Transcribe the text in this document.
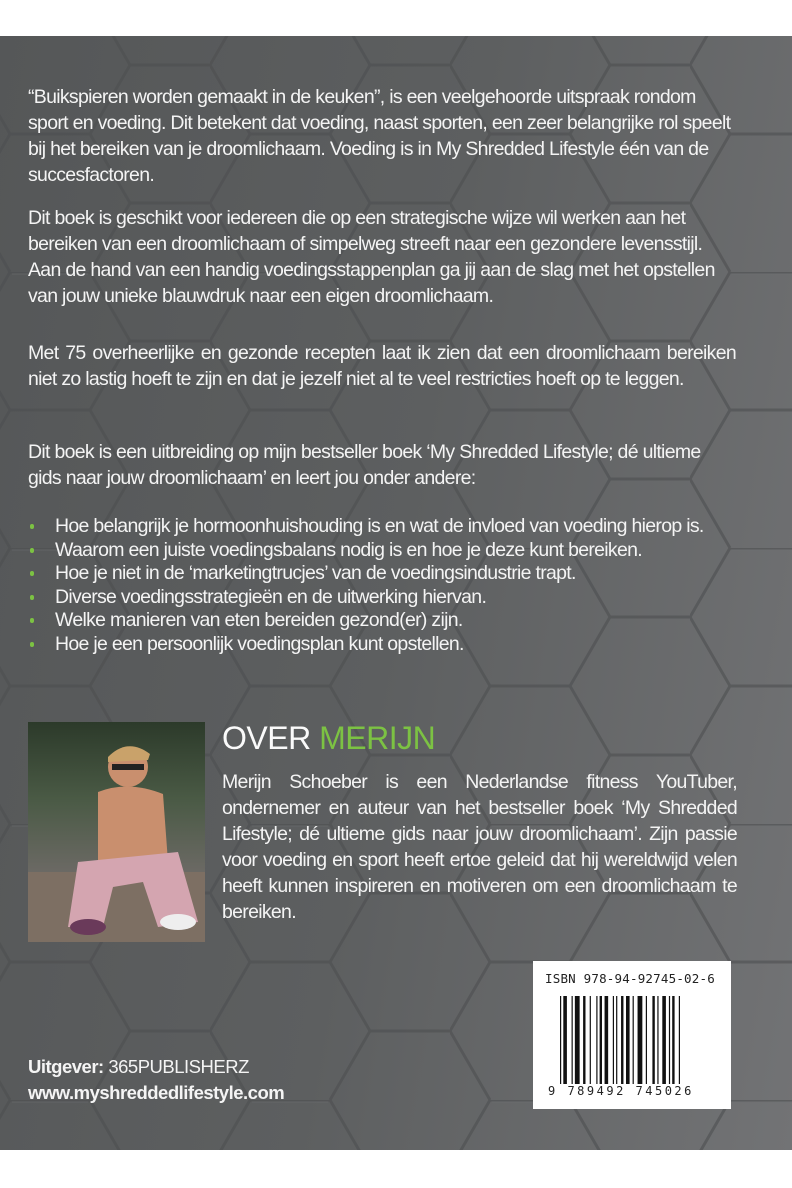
“Buikspieren worden gemaakt in de keuken”, is een veelgehoorde uitspraak rondom sport en voeding. Dit betekent dat voeding, naast sporten, een zeer belangrijke rol speelt bij het bereiken van je droomlichaam. Voeding is in My Shredded Lifestyle één van de succesfactoren.

Dit boek is geschikt voor iedereen die op een strategische wijze wil werken aan het bereiken van een droomlichaam of simpelweg streeft naar een gezondere levensstijl. Aan de hand van een handig voedingsstappenplan ga jij aan de slag met het opstellen van jouw unieke blauwdruk naar een eigen droomlichaam.

Met 75 overheerlijke en gezonde recepten laat ik zien dat een droomlichaam bereiken niet zo lastig hoeft te zijn en dat je jezelf niet al te veel restricties hoeft op te leggen.

Dit boek is een uitbreiding op mijn bestseller boek ‘My Shredded Lifestyle; dé ultieme gids naar jouw droomlichaam’ en leert jou onder andere:

Hoe belangrijk je hormoonhuishouding is en wat de invloed van voeding hierop is.
Waarom een juiste voedingsbalans nodig is en hoe je deze kunt bereiken.
Hoe je niet in de ‘marketingtrucjes’ van de voedingsindustrie trapt.
Diverse voedingsstrategieën en de uitwerking hiervan.
Welke manieren van eten bereiden gezond(er) zijn.
Hoe je een persoonlijk voedingsplan kunt opstellen.
OVER MERIJN

Merijn Schoeber is een Nederlandse fitness YouTuber, ondernemer en auteur van het bestseller boek ‘My Shredded Lifestyle; dé ultieme gids naar jouw droomlichaam’. Zijn passie voor voeding en sport heeft ertoe geleid dat hij wereldwijd velen heeft kunnen inspireren en motiveren om een droomlichaam te bereiken.

ISBN 978-94-92745-02-6
9 789492 745026
Uitgever: 365PUBLISHERZ
www.myshreddedlifestyle.com
